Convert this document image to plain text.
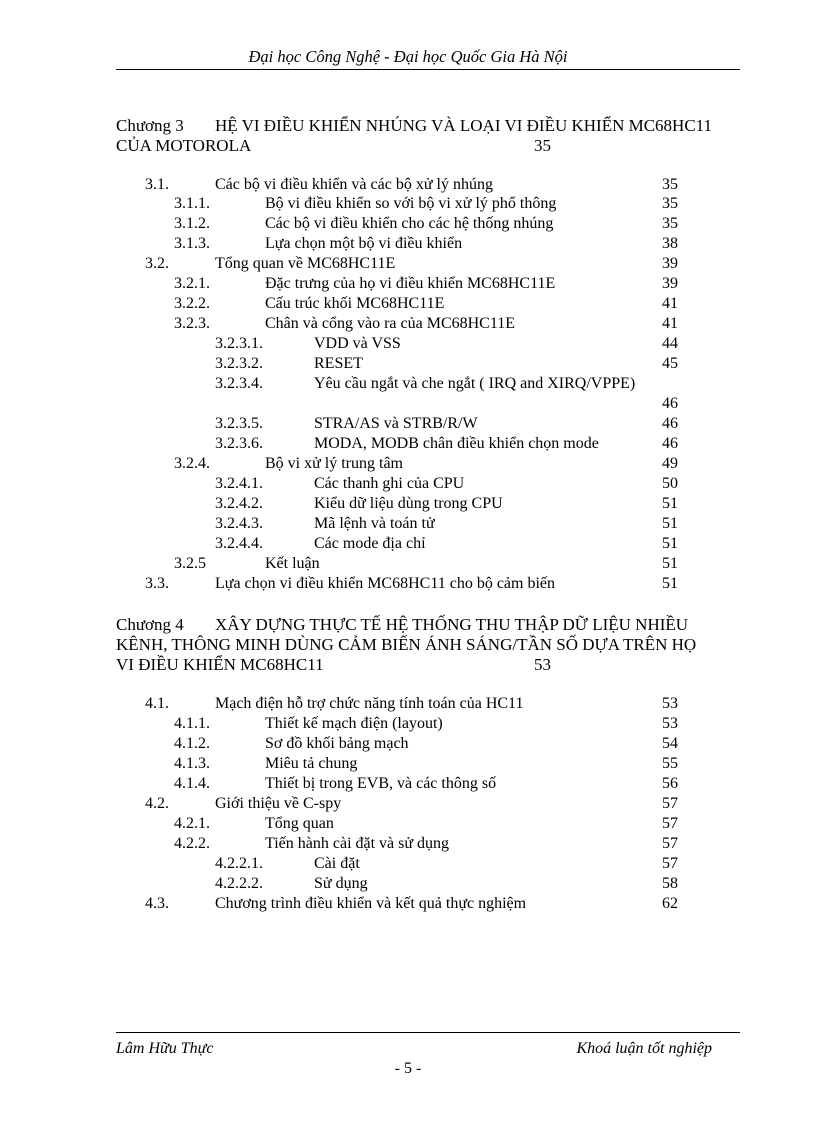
Đại học Công Nghệ - Đại học Quốc Gia Hà Nội
Chương 3 HỆ VI ĐIỀU KHIỂN NHÚNG VÀ LOẠI VI ĐIỀU KHIỂN MC68HC11
CỦA MOTOROLA	35
3.1.	Các bộ vi điều khiển và các bộ xử lý nhúng	35
3.1.1.	Bộ vi điều khiển so với bộ vi xử lý phổ thông	35
3.1.2.	Các bộ vi điều khiển cho các hệ thống nhúng	35
3.1.3.	Lựa chọn một bộ vi điều khiển	38
3.2.	Tổng quan về MC68HC11E	39
3.2.1.	Đặc trưng của họ vi điều khiển MC68HC11E	39
3.2.2.	Cấu trúc khối MC68HC11E	41
3.2.3.	Chân và cổng vào ra của MC68HC11E	41
3.2.3.1.	VDD và VSS	44
3.2.3.2.	RESET	45
3.2.3.4.	Yêu cầu ngắt và che ngắt ( IRQ and XIRQ/VPPE)
46
3.2.3.5.	STRA/AS và STRB/R/W	46
3.2.3.6.	MODA, MODB chân điều khiển chọn mode	46
3.2.4.	Bộ vi xử lý trung tâm	49
3.2.4.1.	Các thanh ghi của CPU	50
3.2.4.2.	Kiểu dữ liệu dùng trong CPU	51
3.2.4.3.	Mã lệnh và toán tử	51
3.2.4.4.	Các mode địa chỉ	51
3.2.5	Kết luận	51
3.3.	Lựa chọn vi điều khiển MC68HC11 cho bộ cảm biến	51
Chương 4 XÂY DỰNG THỰC TẾ HỆ THỐNG THU THẬP DỮ LIỆU NHIỀU
KÊNH, THÔNG MINH DÙNG CẢM BIẾN ÁNH SÁNG/TẦN SỐ DỰA TRÊN HỌ
VI ĐIỀU KHIỂN MC68HC11	53
4.1.	Mạch điện hỗ trợ chức năng tính toán của HC11	53
4.1.1.	Thiết kế mạch điện (layout)	53
4.1.2.	Sơ đồ khối bảng mạch	54
4.1.3.	Miêu tả chung	55
4.1.4.	Thiết bị trong EVB, và các thông số	56
4.2.	Giới thiệu về C-spy	57
4.2.1.	Tổng quan	57
4.2.2.	Tiến hành cài đặt và sử dụng	57
4.2.2.1.	Cài đặt	57
4.2.2.2.	Sử dụng	58
4.3.	Chương trình điều khiển và kết quả thực nghiệm	62
Lâm Hữu Thực	Khoá luận tốt nghiệp
- 5 -
